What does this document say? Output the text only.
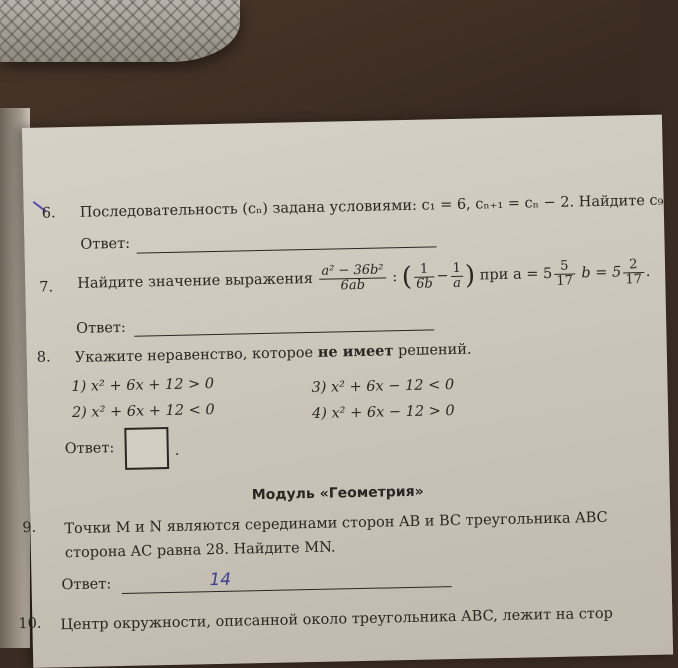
6. Последовательность (cₙ) задана условиями: c₁ = 6, cₙ₊₁ = cₙ − 2. Найдите c₉.
Ответ:
7. Найдите значение выражения $\frac{\text{a² − 36b²}}{6ab}$ : ( $\frac{1}{6b} - \frac{1}{a}$ ) при $a = 5 \frac{5}{17}$ $b = 5 \frac{2}{17}$ .
Ответ:
8. Укажите неравенство, которое не имеет решений.
1) x² + 6x + 12 > 0
2) x² + 6x + 12 < 0
3) x² + 6x − 12 < 0
4) x² + 6x − 12 > 0
Ответ:	.
Модуль «Геометрия»
9. Точки M и N являются серединами сторон AB и BC треугольника ABC
сторона AC равна 28. Найдите MN.
Ответ:	14
10. Центр окружности, описанной около треугольника ABC, лежит на стор
